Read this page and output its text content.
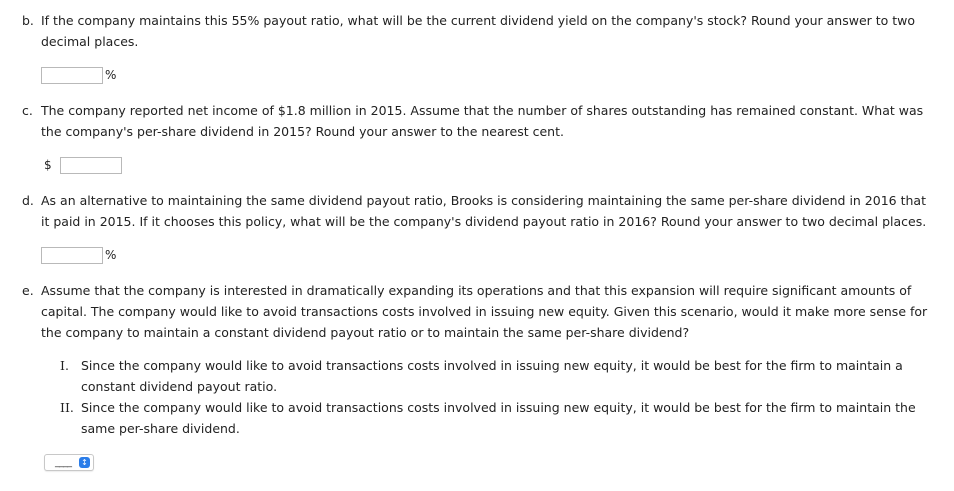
b. If the company maintains this 55% payout ratio, what will be the current dividend yield on the company's stock? Round your answer to two decimal places.
%
c. The company reported net income of $1.8 million in 2015. Assume that the number of shares outstanding has remained constant. What was the company's per-share dividend in 2015? Round your answer to the nearest cent.
$
d. As an alternative to maintaining the same dividend payout ratio, Brooks is considering maintaining the same per-share dividend in 2016 that it paid in 2015. If it chooses this policy, what will be the company's dividend payout ratio in 2016? Round your answer to two decimal places.
%
e. Assume that the company is interested in dramatically expanding its operations and that this expansion will require significant amounts of capital. The company would like to avoid transactions costs involved in issuing new equity. Given this scenario, would it make more sense for the company to maintain a constant dividend payout ratio or to maintain the same per-share dividend?
I. Since the company would like to avoid transactions costs involved in issuing new equity, it would be best for the firm to maintain a constant dividend payout ratio.
II. Since the company would like to avoid transactions costs involved in issuing new equity, it would be best for the firm to maintain the same per-share dividend.
____ ↕
